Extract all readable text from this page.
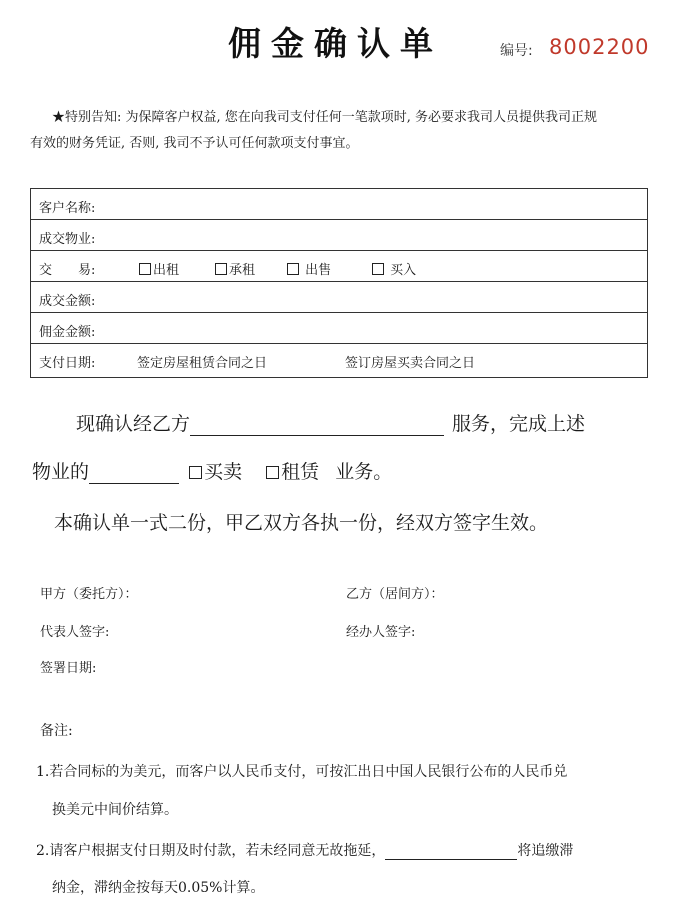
佣金确认单	编号: 8002200
★特别告知: 为保障客户权益, 您在向我司支付任何一笔款项时, 务必要求我司人员提供我司正规
有效的财务凭证, 否则, 我司不予认可任何款项支付事宜。
客户名称:
成交物业:
交　　易:	出租	承租	出售	买入
成交金额:
佣金金额:
支付日期:	签定房屋租赁合同之日	签订房屋买卖合同之日
现确认经乙方	服务，完成上述
物业的	买卖 租赁 业务。
本确认单一式二份，甲乙双方各执一份，经双方签字生效。
甲方（委托方）：	乙方（居间方）：
代表人签字:	经办人签字:
签署日期:
备注:
1.若合同标的为美元，而客户以人民币支付，可按汇出日中国人民银行公布的人民币兑
换美元中间价结算。
2.请客户根据支付日期及时付款，若未经同意无故拖延，	将追缴滞
纳金，滞纳金按每天0.05%计算。
